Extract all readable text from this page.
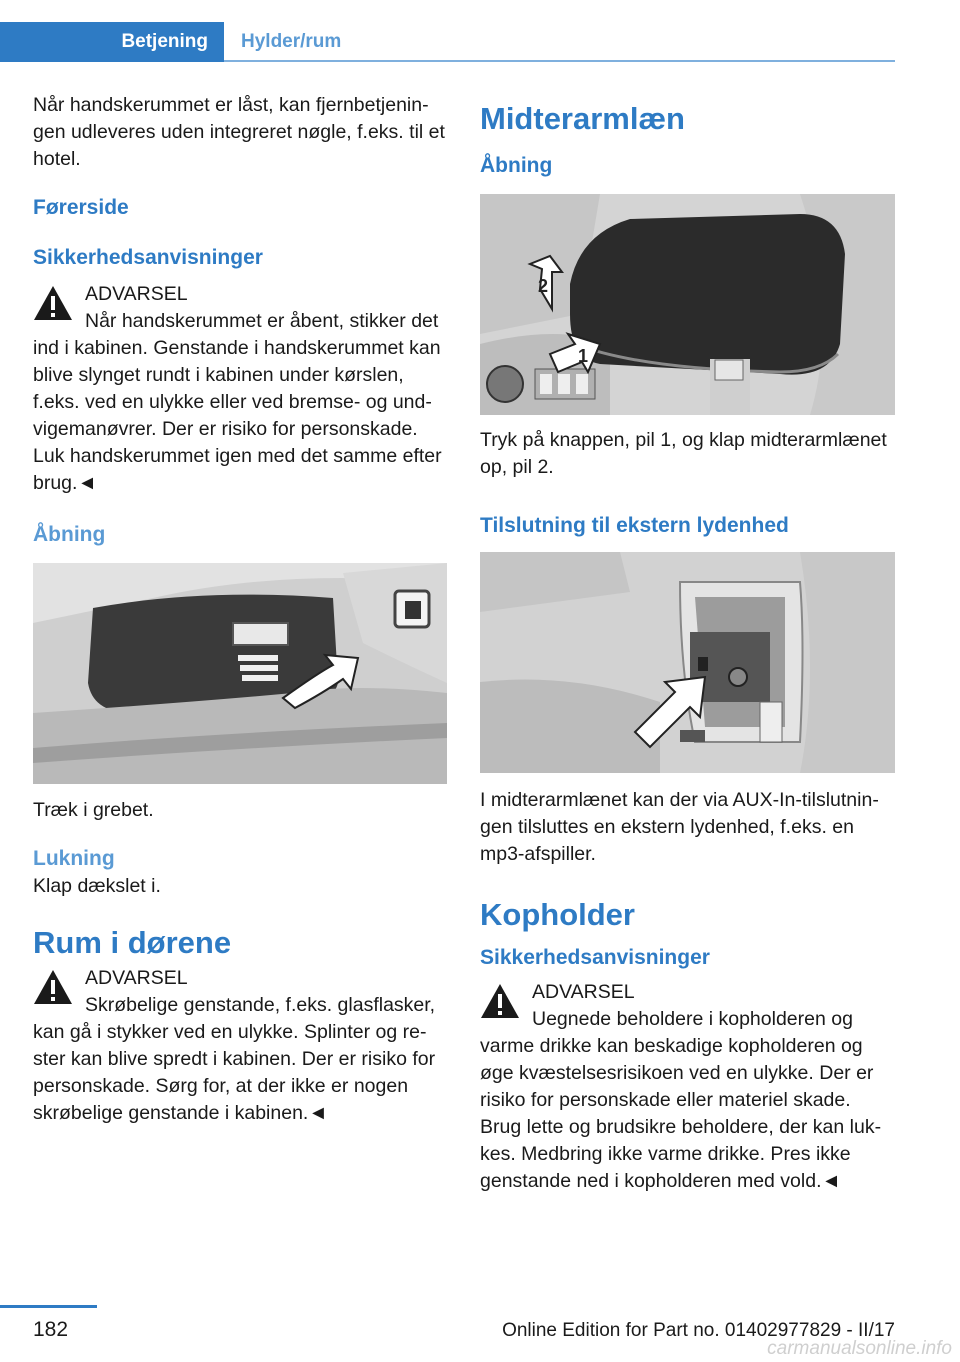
Betjening	Hylder/rum

Når handskerummet er låst, kan fjernbetjeningen udleveres uden integreret nøgle, f.eks. til et hotel.

Førerside
Sikkerhedsanvisninger
ADVARSEL
Når handskerummet er åbent, stikker det
ind i kabinen. Genstande i handskerummet kan blive slynget rundt i kabinen under kørslen, f.eks. ved en ulykke eller ved bremse- og undvigemanøvrer. Der er risiko for personskade. Luk handskerummet igen med det samme efter brug.◄
Åbning

Træk i grebet.

Lukning

Klap dækslet i.

Rum i dørene
ADVARSEL
Skrøbelige genstande, f.eks. glasflasker,
kan gå i stykker ved en ulykke. Splinter og rester kan blive spredt i kabinen. Der er risiko for personskade. Sørg for, at der ikke er nogen skrøbelige genstande i kabinen.◄
Midterarmlæn
Åbning
2
1

Tryk på knappen, pil 1, og klap midterarmlænet op, pil 2.

Tilslutning til ekstern lydenhed

I midterarmlænet kan der via AUX-In-tilslutningen tilsluttes en ekstern lydenhed, f.eks. en mp3-afspiller.

Kopholder
Sikkerhedsanvisninger
ADVARSEL
Uegnede beholdere i kopholderen og
varme drikke kan beskadige kopholderen og øge kvæstelsesrisikoen ved en ulykke. Der er risiko for personskade eller materiel skade. Brug lette og brudsikre beholdere, der kan lukkes. Medbring ikke varme drikke. Pres ikke genstande ned i kopholderen med vold.◄
182	Online Edition for Part no. 01402977829 - II/17
carmanualsonline.info
